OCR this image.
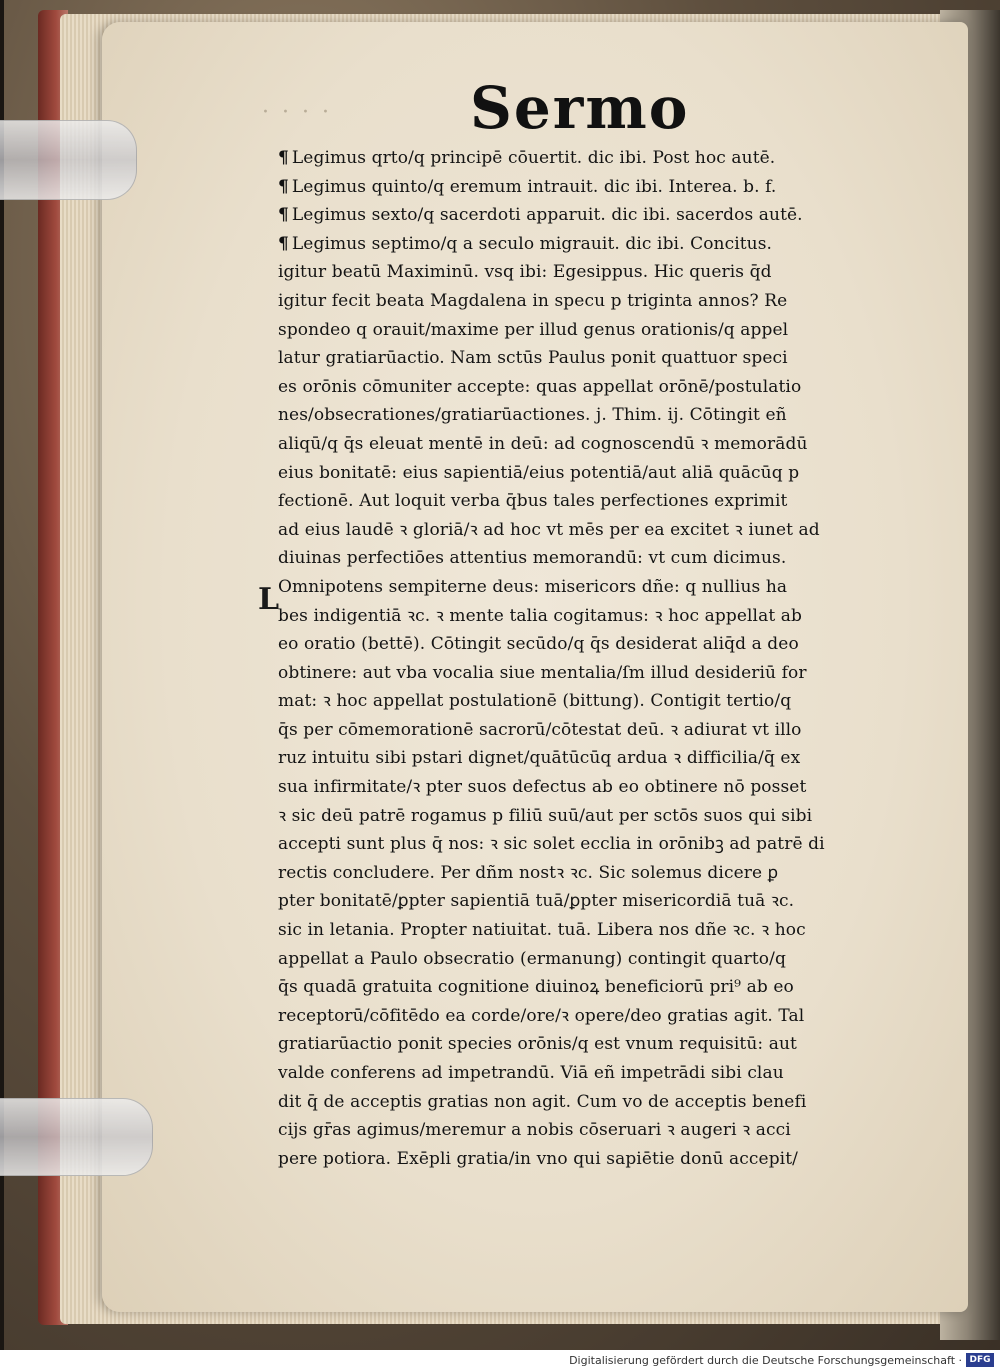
· · · · Sermo
L
¶ Legimus qrto/q principē cōuertit. dic ibi. Post hoc autē.
¶ Legimus quinto/q eremum intrauit. dic ibi. Interea. b. f.
¶ Legimus sexto/q sacerdoti apparuit. dic ibi. sacerdos autē.
¶ Legimus septimo/q a seculo migrauit. dic ibi. Concitus.
igitur beatū Maximinū. vsq ibi: Egesippus. Hic queris q̄d
igitur fecit beata Magdalena in specu p triginta annos? Re
spondeo q orauit/maxime per illud genus orationis/q appel
latur gratiarūactio. Nam sctūs Paulus ponit quattuor speci
es orōnis cōmuniter accepte: quas appellat orōnē/postulatio
nes/obsecrationes/gratiarūactiones. j. Thim. ij. Cōtingit eñ
aliqū/q q̄s eleuat mentē in deū: ad cognoscendū ꝛ memorādū
eius bonitatē: eius sapientiā/eius potentiā/aut aliā quācūq p
fectionē. Aut loquit verba q̄bus tales perfectiones exprimit
ad eius laudē ꝛ gloriā/ꝛ ad hoc vt mēs per ea excitet ꝛ iunet ad
diuinas perfectiōes attentius memorandū: vt cum dicimus.
Omnipotens sempiterne deus: misericors dñe: q nullius ha
bes indigentiā ꝛc. ꝛ mente talia cogitamus: ꝛ hoc appellat ab
eo oratio (bettē). Cōtingit secūdo/q q̄s desiderat aliq̄d a deo
obtinere: aut vba vocalia siue mentalia/ſm illud desideriū for
mat: ꝛ hoc appellat postulationē (bittung). Contigit tertio/q
q̄s per cōmemorationē sacrorū/cōtestat deū. ꝛ adiurat vt illo
ruz intuitu sibi pstari dignet/quātūcūq ardua ꝛ difficilia/q̄ ex
sua infirmitate/ꝛ pter suos defectus ab eo obtinere nō posset
ꝛ sic deū patrē rogamus p filiū suū/aut per sctōs suos qui sibi
accepti sunt plus q̄ nos: ꝛ sic solet ecclia in orōnibꝫ ad patrē di
rectis concludere. Per dñm nostꝛ ꝛc. Sic solemus dicere ꝑ
pter bonitatē/ꝑpter sapientiā tuā/ꝑpter misericordiā tuā ꝛc.
sic in letania. Propter natiuitat. tuā. Libera nos dñe ꝛc. ꝛ hoc
appellat a Paulo obsecratio (ermanung) contingit quarto/q
q̄s quadā gratuita cognitione diuinoꝝ beneficiorū pri⁹ ab eo
receptorū/cōfitēdo ea corde/ore/ꝛ opere/deo gratias agit. Tal
gratiarūactio ponit species orōnis/q est vnum requisitū: aut
valde conferens ad impetrandū. Viā eñ impetrādi sibi clau
dit q̄ de acceptis gratias non agit. Cum vo de acceptis benefi
cijs gr̄as agimus/meremur a nobis cōseruari ꝛ augeri ꝛ acci
pere potiora. Exēpli gratia/in vno qui sapiētie donū accepit/
Digitalisierung gefördert durch die Deutsche Forschungsgemeinschaft · DFG
